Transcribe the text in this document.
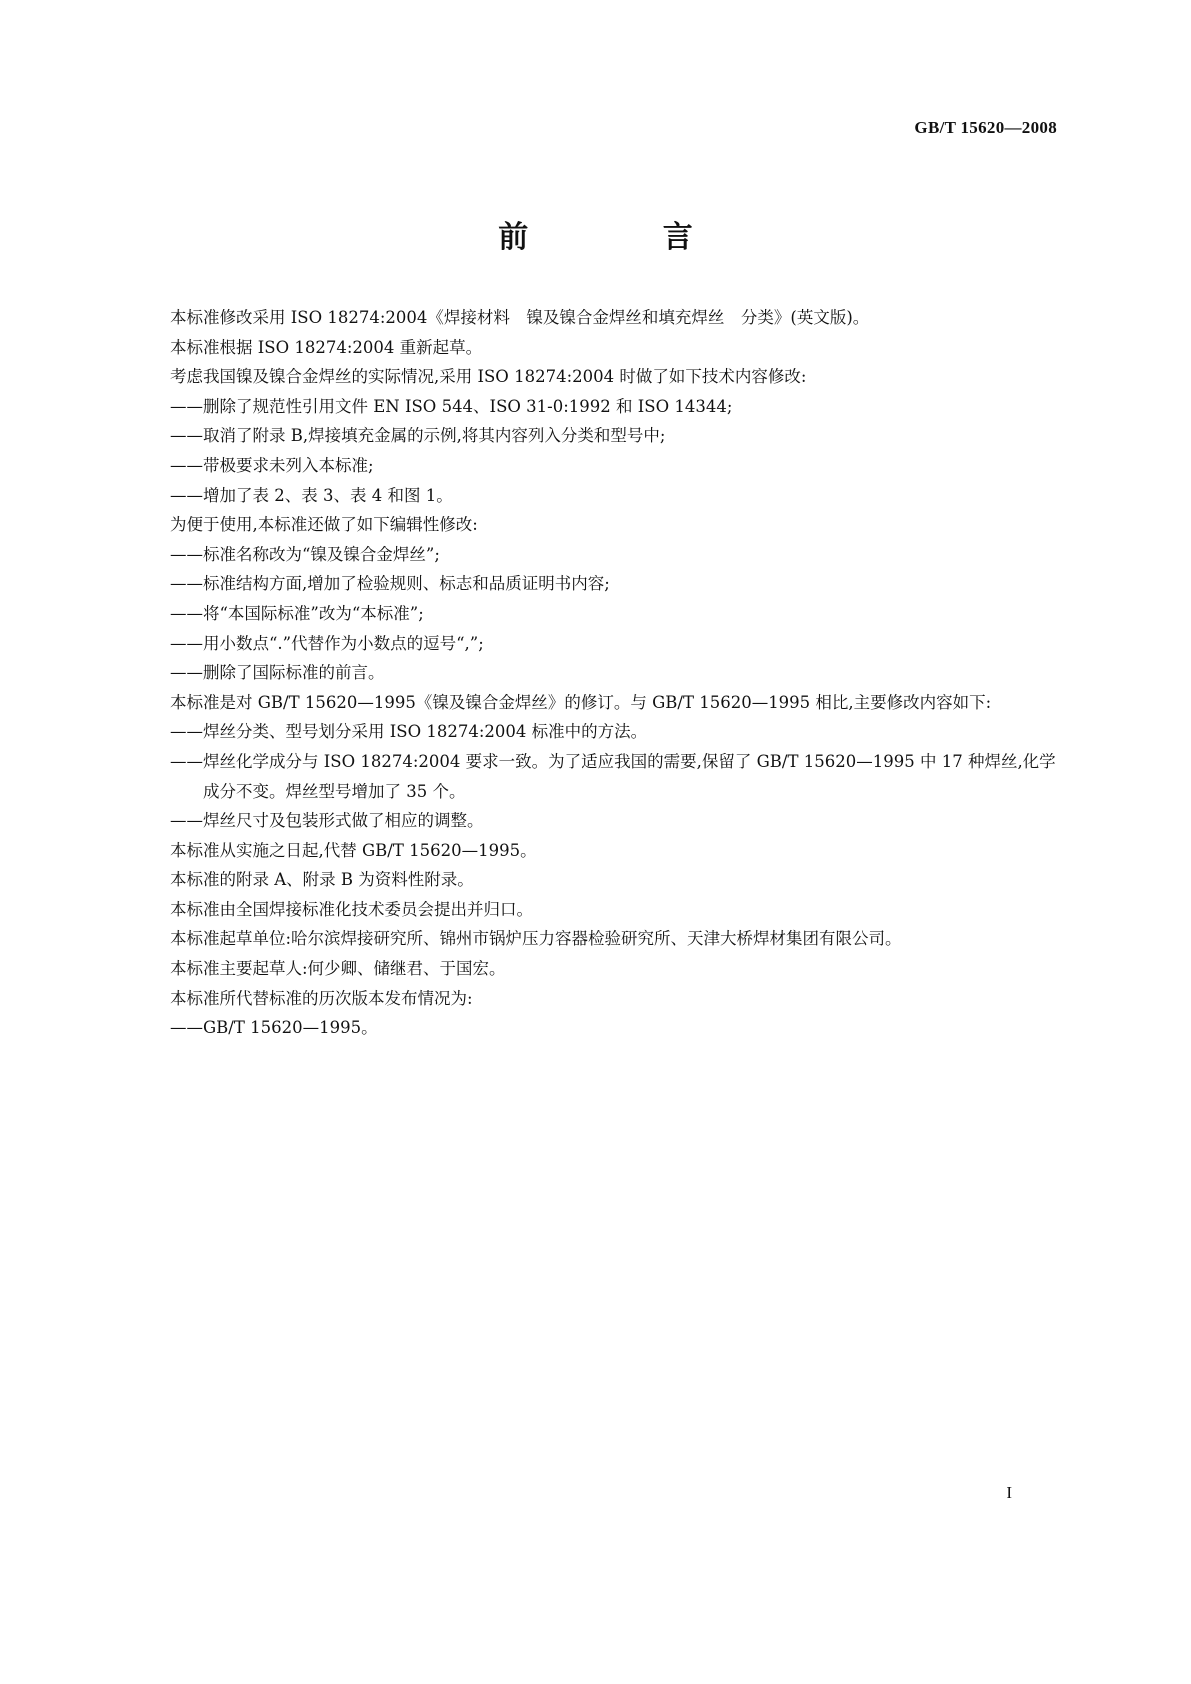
GB/T 15620—2008
前 言

本标准修改采用 ISO 18274:2004《焊接材料　镍及镍合金焊丝和填充焊丝　分类》(英文版)。

本标准根据 ISO 18274:2004 重新起草。

考虑我国镍及镍合金焊丝的实际情况,采用 ISO 18274:2004 时做了如下技术内容修改:

——删除了规范性引用文件 EN ISO 544、ISO 31-0:1992 和 ISO 14344;

——取消了附录 B,焊接填充金属的示例,将其内容列入分类和型号中;

——带极要求未列入本标准;

——增加了表 2、表 3、表 4 和图 1。

为便于使用,本标准还做了如下编辑性修改:

——标准名称改为“镍及镍合金焊丝”;

——标准结构方面,增加了检验规则、标志和品质证明书内容;

——将“本国际标准”改为“本标准”;

——用小数点“.”代替作为小数点的逗号“,”;

——删除了国际标准的前言。

本标准是对 GB/T 15620—1995《镍及镍合金焊丝》的修订。与 GB/T 15620—1995 相比,主要修改内容如下:

——焊丝分类、型号划分采用 ISO 18274:2004 标准中的方法。

——焊丝化学成分与 ISO 18274:2004 要求一致。为了适应我国的需要,保留了 GB/T 15620—1995 中 17 种焊丝,化学成分不变。焊丝型号增加了 35 个。

——焊丝尺寸及包装形式做了相应的调整。

本标准从实施之日起,代替 GB/T 15620—1995。

本标准的附录 A、附录 B 为资料性附录。

本标准由全国焊接标准化技术委员会提出并归口。

本标准起草单位:哈尔滨焊接研究所、锦州市锅炉压力容器检验研究所、天津大桥焊材集团有限公司。

本标准主要起草人:何少卿、储继君、于国宏。

本标准所代替标准的历次版本发布情况为:

——GB/T 15620—1995。

I
